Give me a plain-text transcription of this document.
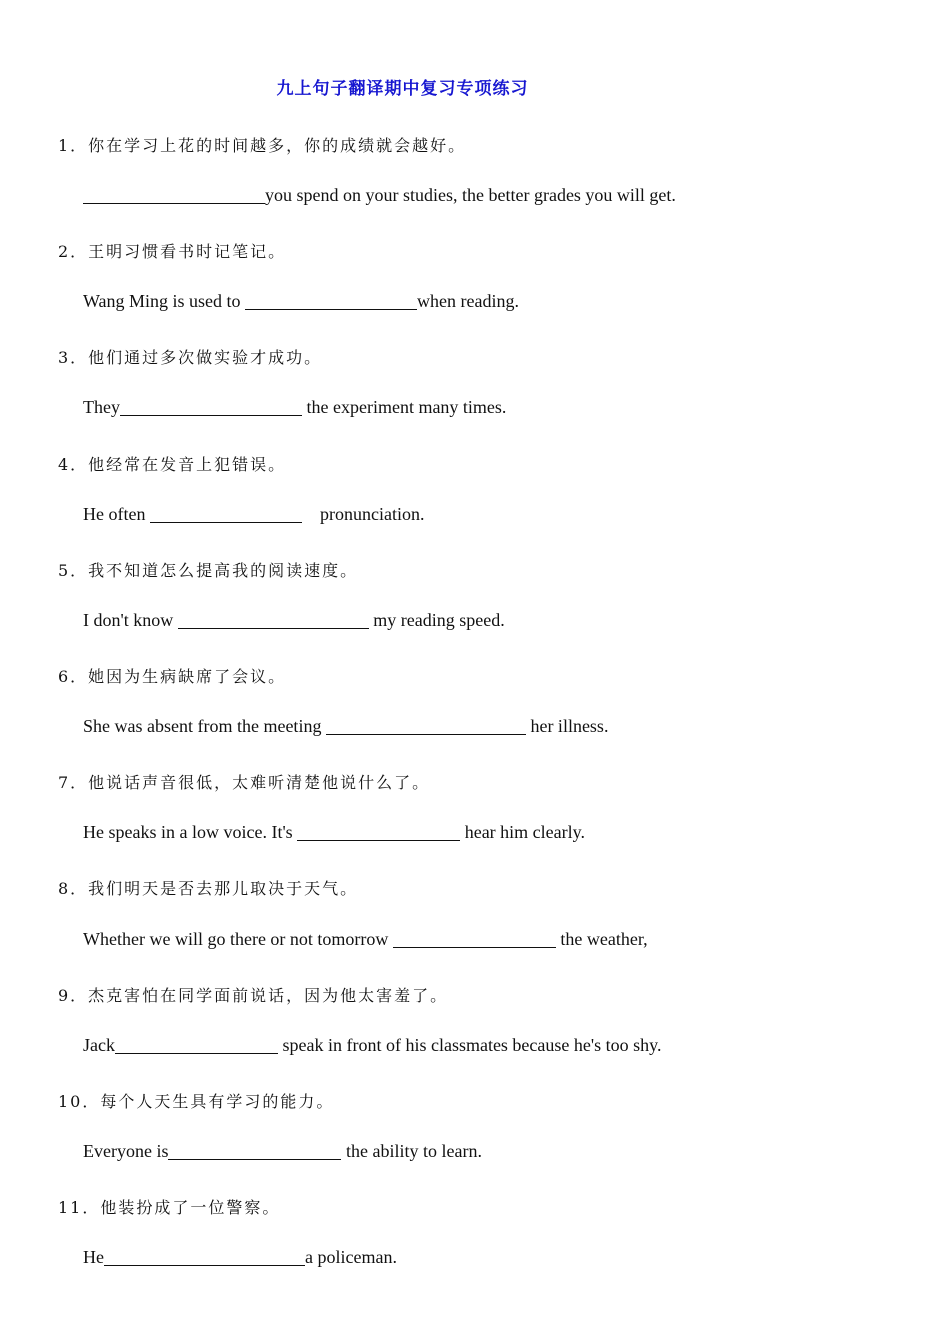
九上句子翻译期中复习专项练习
1．你在学习上花的时间越多，你的成绩就会越好。
you spend on your studies, the better grades you will get.
2．王明习惯看书时记笔记。
Wang Ming is used to	when reading.
3．他们通过多次做实验才成功。
They	the experiment many times.
4．他经常在发音上犯错误。
He often	pronunciation.
5．我不知道怎么提高我的阅读速度。
I don't know	my reading speed.
6．她因为生病缺席了会议。
She was absent from the meeting	her illness.
7．他说话声音很低，太难听清楚他说什么了。
He speaks in a low voice. It's	hear him clearly.
8．我们明天是否去那儿取决于天气。
Whether we will go there or not tomorrow	the weather,
9．杰克害怕在同学面前说话，因为他太害羞了。
Jack	speak in front of his classmates because he's too shy.
10．每个人天生具有学习的能力。
Everyone is	the ability to learn.
11．他装扮成了一位警察。
He	a policeman.
